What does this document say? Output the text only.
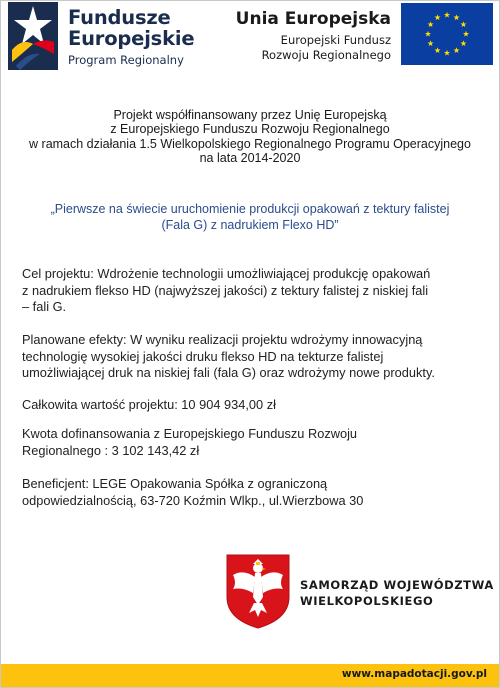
Fundusze
Europejskie
Program Regionalny
Unia Europejska
Europejski Fundusz
Rozwoju Regionalnego
Projekt współfinansowany przez Unię Europejską
z Europejskiego Funduszu Rozwoju Regionalnego
w ramach działania 1.5 Wielkopolskiego Regionalnego Programu Operacyjnego
na lata 2014-2020
„Pierwsze na świecie uruchomienie produkcji opakowań z tektury falistej
(Fala G) z nadrukiem Flexo HD”
Cel projektu: Wdrożenie technologii umożliwiającej produkcję opakowań
z nadrukiem flekso HD (najwyższej jakości) z tektury falistej z niskiej fali
– fali G.
Planowane efekty: W wyniku realizacji projektu wdrożymy innowacyjną
technologię wysokiej jakości druku flekso HD na tekturze falistej
umożliwiającej druk na niskiej fali (fala G) oraz wdrożymy nowe produkty.
Całkowita wartość projektu: 10 904 934,00 zł
Kwota dofinansowania z Europejskiego Funduszu Rozwoju
Regionalnego : 3 102 143,42 zł
Beneficjent: LEGE Opakowania Spółka z ograniczoną
odpowiedzialnością, 63-720 Koźmin Wlkp., ul.Wierzbowa 30
SAMORZĄD WOJEWÓDZTWA
WIELKOPOLSKIEGO
www.mapadotacji.gov.pl
